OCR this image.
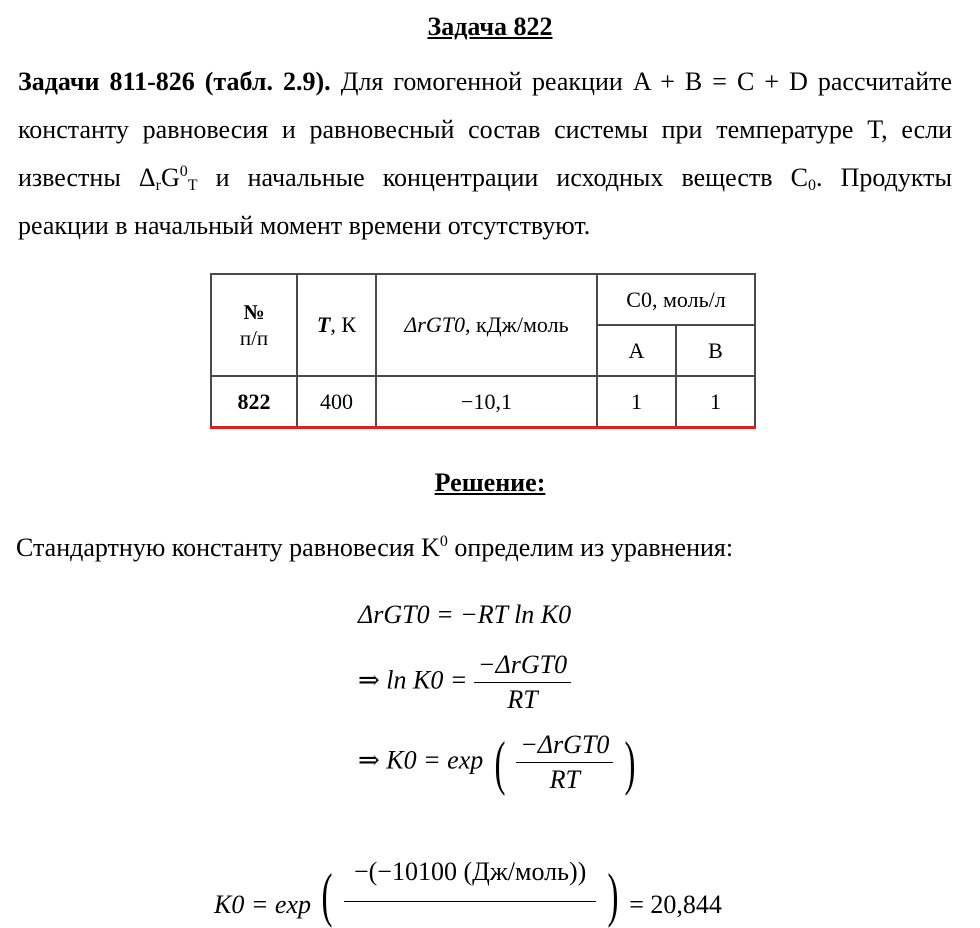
Задача 822
Задачи 811-826 (табл. 2.9). Для гомогенной реакции A + B = C + D рассчитайте константу равновесия и равновесный состав системы при температуре T, если известны $\Delta_rG^0_T$ и начальные концентрации исходных веществ $C_0$. Продукты реакции в начальный момент времени отсутствуют.
№
п/п	T, К	ΔrGT0, кДж/моль	C0, моль/л	
			A	B
822	400	−10,1	1	1
Решение:
Стандартную константу равновесия $K^0$ определим из уравнения:
ΔrGT0 = −RT ln K0
⇒ $\ln K0 = \frac{\text{−ΔrGT0}}{RT}$
⇒ K0 = exp ( $\frac{\text{−ΔrGT0}}{RT}$ )
K0 = exp ( −(−10100 (Дж/моль)) ) = 20,844
